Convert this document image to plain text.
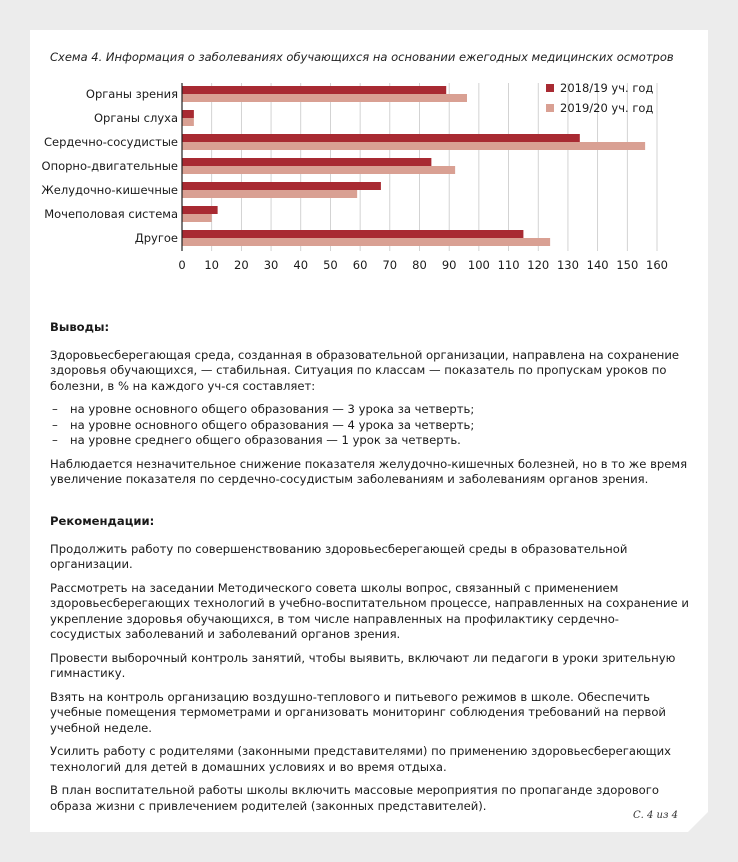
Схема 4. Информация о заболеваниях обучающихся на основании ежегодных медицинских осмотров
Органы зрения
Органы слуха
Сердечно-сосудистые
Опорно-двигательные
Желудочно-кишечные
Мочеполовая система
Другое
0 10 20 30 40 50 60 70 80 90 100 110 120 130 140 150 160
2018/19 уч. год
2019/20 уч. год

Выводы:

Здоровьесберегающая среда, созданная в образовательной организации, направлена на сохранение здоровья обучающихся, — стабильная. Ситуация по классам — показатель по пропускам уроков по болезни, в % на каждого уч-ся составляет:

– на уровне основного общего образования — 3 урока за четверть;
– на уровне основного общего образования — 4 урока за четверть;
– на уровне среднего общего образования — 1 урок за четверть.

Наблюдается незначительное снижение показателя желудочно-кишечных болезней, но в то же время увеличение показателя по сердечно-сосудистым заболеваниям и заболеваниям органов зрения.

Рекомендации:

Продолжить работу по совершенствованию здоровьесберегающей среды в образовательной организации.

Рассмотреть на заседании Методического совета школы вопрос, связанный с применением здоровьесберегающих технологий в учебно-воспитательном процессе, направленных на сохранение и укрепление здоровья обучающихся, в том числе направленных на профилактику сердечно-сосудистых заболеваний и заболеваний органов зрения.

Провести выборочный контроль занятий, чтобы выявить, включают ли педагоги в уроки зрительную гимнастику.

Взять на контроль организацию воздушно-теплового и питьевого режимов в школе. Обеспечить учебные помещения термометрами и организовать мониторинг соблюдения требований на первой учебной неделе.

Усилить работу с родителями (законными представителями) по применению здоровьесберегающих технологий для детей в домашних условиях и во время отдыха.

В план воспитательной работы школы включить массовые мероприятия по пропаганде здорового образа жизни с привлечением родителей (законных представителей).

С. 4 из 4
